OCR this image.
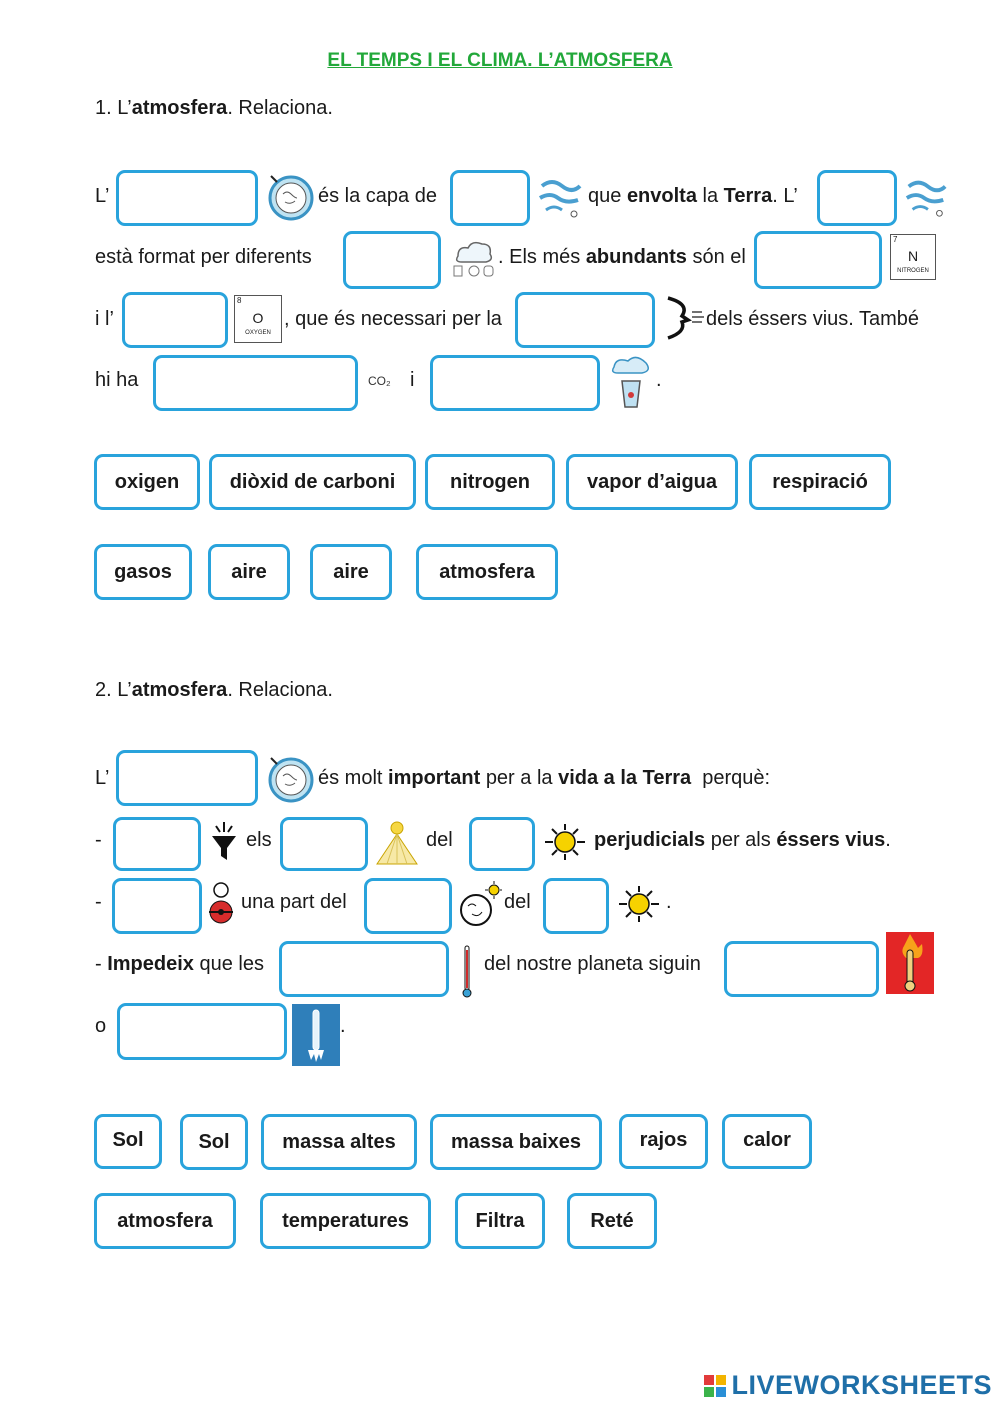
EL TEMPS I EL CLIMA. L’ATMOSFERA
1. L’atmosfera. Relaciona.
L’	és la capa de	que envolta la Terra. L’
està format per diferents	. Els més abundants són el
7
N
NITROGEN
i l’
8
O
OXYGEN
, que és necessari per la	dels éssers vius. També
hi ha	CO₂ i	.
oxigen	diòxid de carboni	nitrogen	vapor d’aigua	respiració
gasos	aire	aire	atmosfera
2. L’atmosfera. Relaciona.
L’	és molt important per a la vida a la Terra perquè:
-	els	del	perjudicials per als éssers vius.
-	una part del	del	.
- Impedeix que les	del nostre planeta siguin
o	.
Sol	Sol	massa altes	massa baixes	rajos	calor
atmosfera	temperatures	Filtra	Reté
LIVEWORKSHEETS
